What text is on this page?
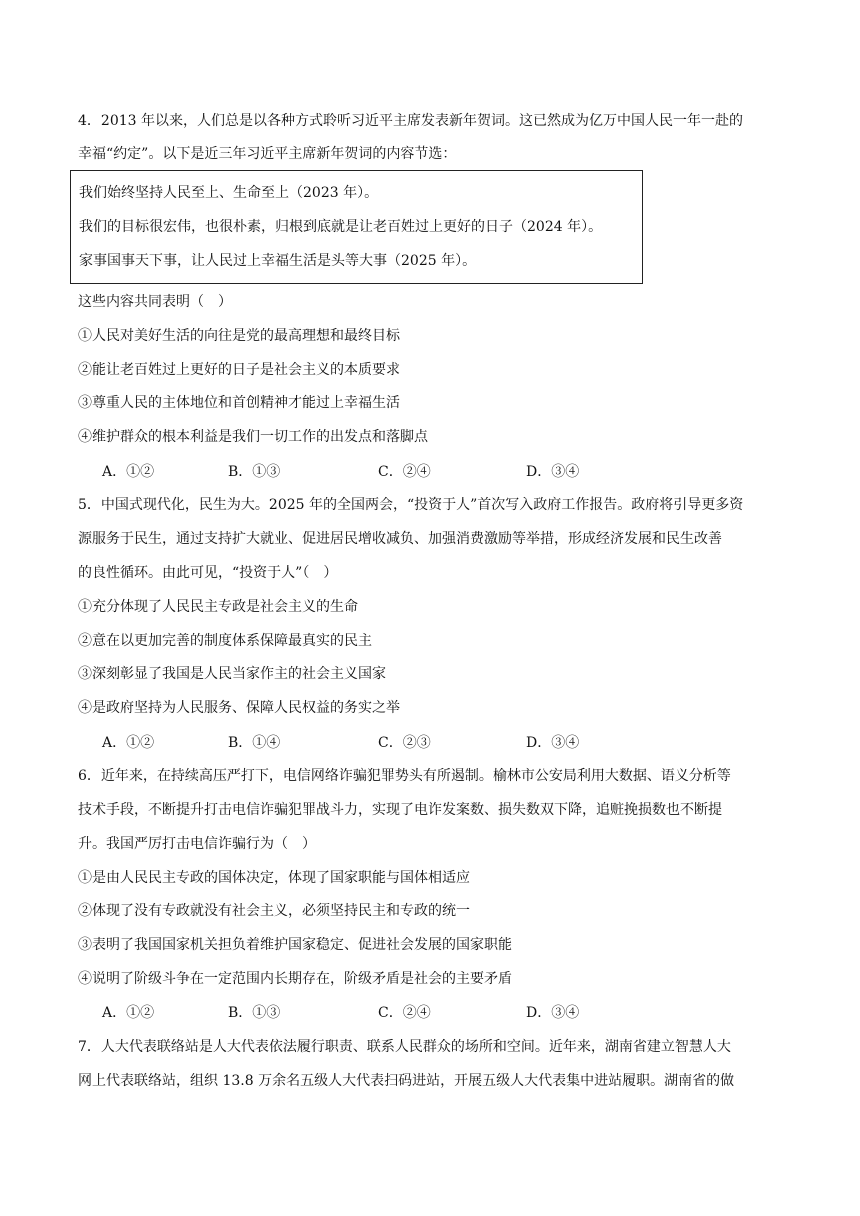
4．2013 年以来，人们总是以各种方式聆听习近平主席发表新年贺词。这已然成为亿万中国人民一年一赴的
幸福“约定”。以下是近三年习近平主席新年贺词的内容节选：
我们始终坚持人民至上、生命至上（2023 年）。
我们的目标很宏伟，也很朴素，归根到底就是让老百姓过上更好的日子（2024 年）。
家事国事天下事，让人民过上幸福生活是头等大事（2025 年）。
这些内容共同表明（　）
①人民对美好生活的向往是党的最高理想和最终目标
②能让老百姓过上更好的日子是社会主义的本质要求
③尊重人民的主体地位和首创精神才能过上幸福生活
④维护群众的根本利益是我们一切工作的出发点和落脚点
A．①②	B．①③	C．②④	D．③④
5．中国式现代化，民生为大。2025 年的全国两会，“投资于人”首次写入政府工作报告。政府将引导更多资
源服务于民生，通过支持扩大就业、促进居民增收减负、加强消费激励等举措，形成经济发展和民生改善
的良性循环。由此可见，“投资于人”（　）
①充分体现了人民民主专政是社会主义的生命
②意在以更加完善的制度体系保障最真实的民主
③深刻彰显了我国是人民当家作主的社会主义国家
④是政府坚持为人民服务、保障人民权益的务实之举
A．①②	B．①④	C．②③	D．③④
6．近年来，在持续高压严打下，电信网络诈骗犯罪势头有所遏制。榆林市公安局利用大数据、语义分析等
技术手段，不断提升打击电信诈骗犯罪战斗力，实现了电诈发案数、损失数双下降，追赃挽损数也不断提
升。我国严厉打击电信诈骗行为（　）
①是由人民民主专政的国体决定，体现了国家职能与国体相适应
②体现了没有专政就没有社会主义，必须坚持民主和专政的统一
③表明了我国国家机关担负着维护国家稳定、促进社会发展的国家职能
④说明了阶级斗争在一定范围内长期存在，阶级矛盾是社会的主要矛盾
A．①②	B．①③	C．②④	D．③④
7．人大代表联络站是人大代表依法履行职责、联系人民群众的场所和空间。近年来，湖南省建立智慧人大
网上代表联络站，组织 13.8 万余名五级人大代表扫码进站，开展五级人大代表集中进站履职。湖南省的做
